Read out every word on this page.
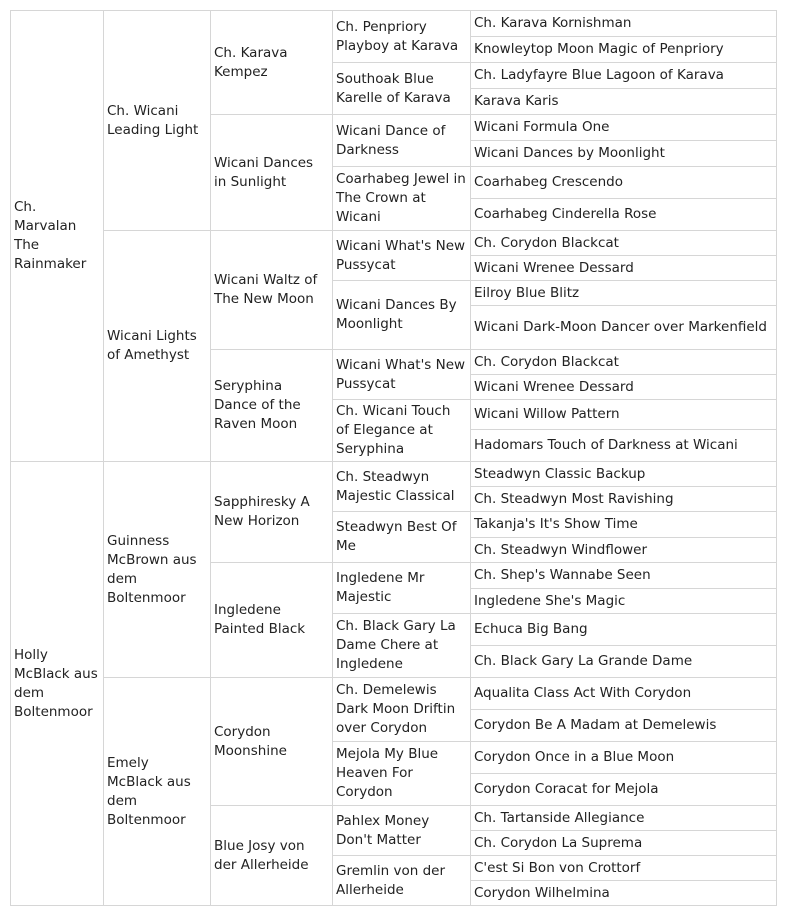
Ch. Marvalan The Rainmaker	Ch. Wicani Leading Light	Ch. Karava Kempez	Ch. Penpriory Playboy at Karava	Ch. Karava Kornishman
				Knowleytop Moon Magic of Penpriory
			Southoak Blue Karelle of Karava	Ch. Ladyfayre Blue Lagoon of Karava
				Karava Karis
		Wicani Dances in Sunlight	Wicani Dance of Darkness	Wicani Formula One
				Wicani Dances by Moonlight
			Coarhabeg Jewel in The Crown at Wicani	Coarhabeg Crescendo
				Coarhabeg Cinderella Rose
	Wicani Lights of Amethyst	Wicani Waltz of The New Moon	Wicani What's New Pussycat	Ch. Corydon Blackcat
				Wicani Wrenee Dessard
			Wicani Dances By Moonlight	Eilroy Blue Blitz
				Wicani Dark-Moon Dancer over Markenfield
		Seryphina Dance of the Raven Moon	Wicani What's New Pussycat	Ch. Corydon Blackcat
				Wicani Wrenee Dessard
			Ch. Wicani Touch of Elegance at Seryphina	Wicani Willow Pattern
				Hadomars Touch of Darkness at Wicani
Holly McBlack aus dem Boltenmoor	Guinness McBrown aus dem Boltenmoor	Sapphiresky A New Horizon	Ch. Steadwyn Majestic Classical	Steadwyn Classic Backup
				Ch. Steadwyn Most Ravishing
			Steadwyn Best Of Me	Takanja's It's Show Time
				Ch. Steadwyn Windflower
		Ingledene Painted Black	Ingledene Mr Majestic	Ch. Shep's Wannabe Seen
				Ingledene She's Magic
			Ch. Black Gary La Dame Chere at Ingledene	Echuca Big Bang
				Ch. Black Gary La Grande Dame
	Emely McBlack aus dem Boltenmoor	Corydon Moonshine	Ch. Demelewis Dark Moon Driftin over Corydon	Aqualita Class Act With Corydon
				Corydon Be A Madam at Demelewis
			Mejola My Blue Heaven For Corydon	Corydon Once in a Blue Moon
				Corydon Coracat for Mejola
		Blue Josy von der Allerheide	Pahlex Money Don't Matter	Ch. Tartanside Allegiance
				Ch. Corydon La Suprema
			Gremlin von der Allerheide	C'est Si Bon von Crottorf
				Corydon Wilhelmina
